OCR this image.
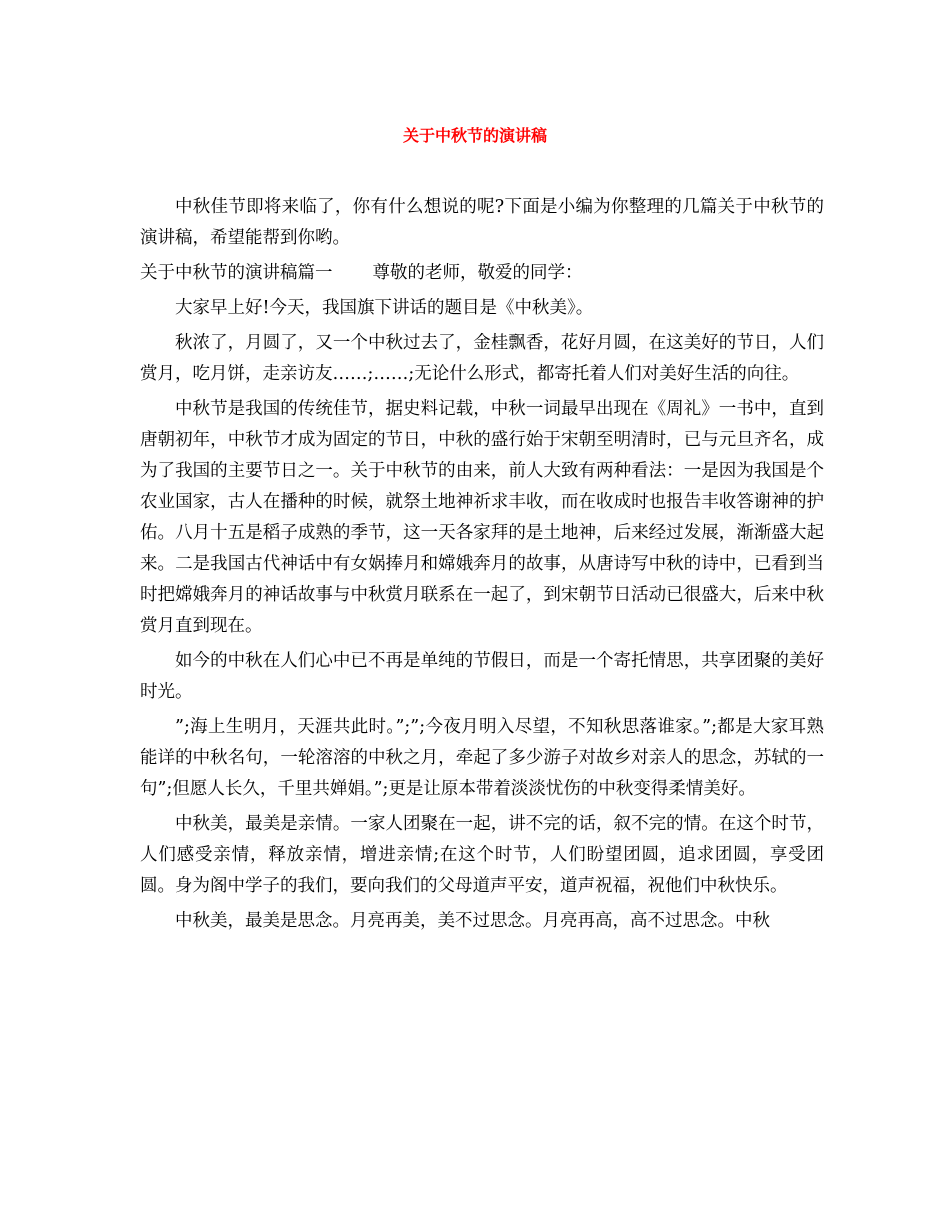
关于中秋节的演讲稿

中秋佳节即将来临了，你有什么想说的呢?下面是小编为你整理的几篇关于中秋节的演讲稿，希望能帮到你哟。

关于中秋节的演讲稿篇一 尊敬的老师，敬爱的同学：

大家早上好!今天，我国旗下讲话的题目是《中秋美》。

秋浓了，月圆了，又一个中秋过去了，金桂飘香，花好月圆，在这美好的节日，人们赏月，吃月饼，走亲访友……;……;无论什么形式，都寄托着人们对美好生活的向往。

中秋节是我国的传统佳节，据史料记载，中秋一词最早出现在《周礼》一书中，直到唐朝初年，中秋节才成为固定的节日，中秋的盛行始于宋朝至明清时，已与元旦齐名，成为了我国的主要节日之一。关于中秋节的由来，前人大致有两种看法：一是因为我国是个农业国家，古人在播种的时候，就祭土地神祈求丰收，而在收成时也报告丰收答谢神的护佑。八月十五是稻子成熟的季节，这一天各家拜的是土地神，后来经过发展，渐渐盛大起来。二是我国古代神话中有女娲捧月和嫦娥奔月的故事，从唐诗写中秋的诗中，已看到当时把嫦娥奔月的神话故事与中秋赏月联系在一起了，到宋朝节日活动已很盛大，后来中秋赏月直到现在。

如今的中秋在人们心中已不再是单纯的节假日，而是一个寄托情思，共享团聚的美好时光。

”;海上生明月，天涯共此时。”;”;今夜月明入尽望，不知秋思落谁家。”;都是大家耳熟能详的中秋名句，一轮溶溶的中秋之月，牵起了多少游子对故乡对亲人的思念，苏轼的一句”;但愿人长久，千里共婵娟。”;更是让原本带着淡淡忧伤的中秋变得柔情美好。

中秋美，最美是亲情。一家人团聚在一起，讲不完的话，叙不完的情。在这个时节，人们感受亲情，释放亲情，增进亲情;在这个时节，人们盼望团圆，追求团圆，享受团圆。身为阁中学子的我们，要向我们的父母道声平安，道声祝福，祝他们中秋快乐。

中秋美，最美是思念。月亮再美，美不过思念。月亮再高，高不过思念。中秋
